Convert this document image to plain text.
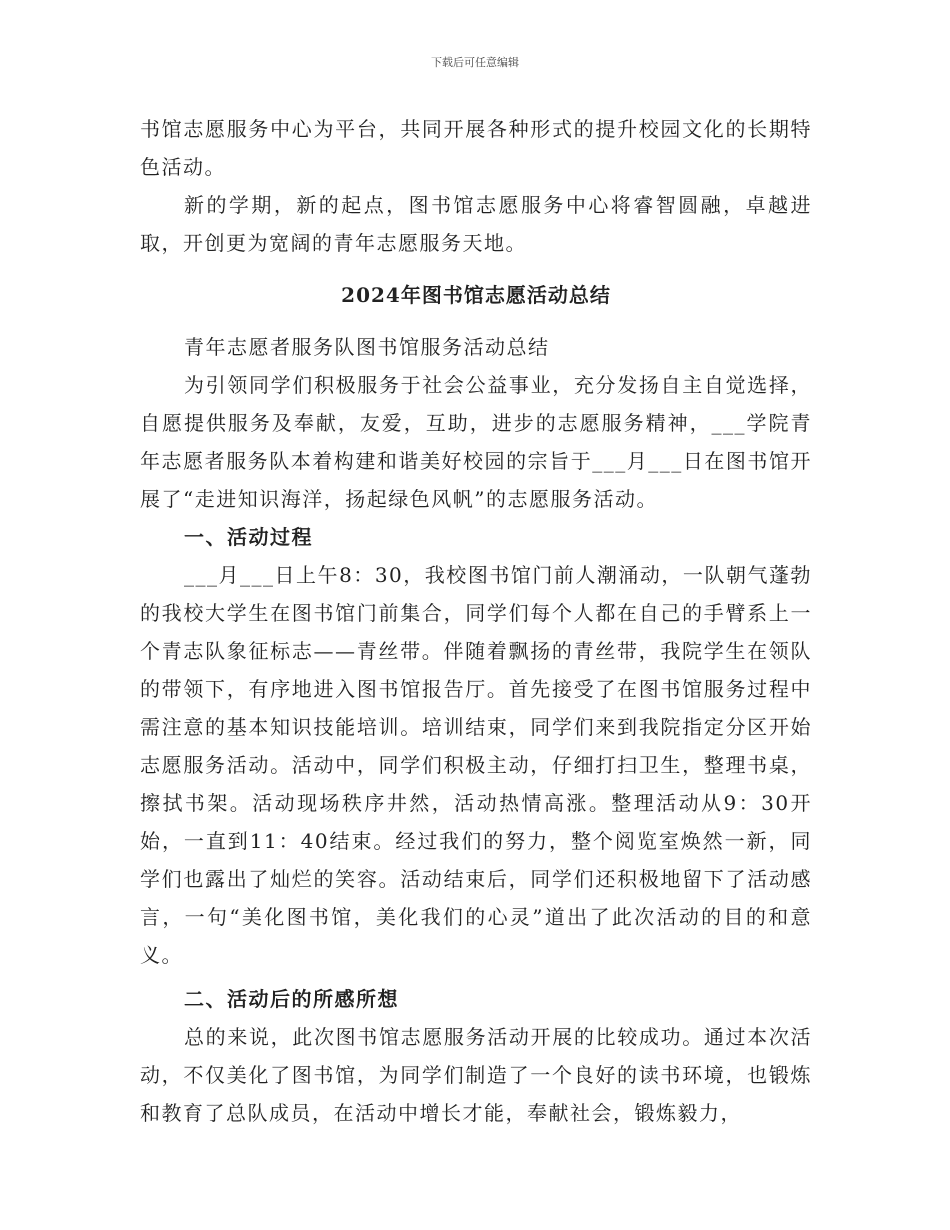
下载后可任意编辑

书馆志愿服务中心为平台，共同开展各种形式的提升校园文化的长期特色活动。

新的学期，新的起点，图书馆志愿服务中心将睿智圆融，卓越进取，开创更为宽阔的青年志愿服务天地。

2024年图书馆志愿活动总结

青年志愿者服务队图书馆服务活动总结

为引领同学们积极服务于社会公益事业，充分发扬自主自觉选择，自愿提供服务及奉献，友爱，互助，进步的志愿服务精神，___学院青年志愿者服务队本着构建和谐美好校园的宗旨于___月___日在图书馆开展了“走进知识海洋，扬起绿色风帆”的志愿服务活动。

一、活动过程

___月___日上午8：30，我校图书馆门前人潮涌动，一队朝气蓬勃的我校大学生在图书馆门前集合，同学们每个人都在自己的手臂系上一个青志队象征标志——青丝带。伴随着飘扬的青丝带，我院学生在领队的带领下，有序地进入图书馆报告厅。首先接受了在图书馆服务过程中需注意的基本知识技能培训。培训结束，同学们来到我院指定分区开始志愿服务活动。活动中，同学们积极主动，仔细打扫卫生，整理书桌，擦拭书架。活动现场秩序井然，活动热情高涨。整理活动从9：30开始，一直到11：40结束。经过我们的努力，整个阅览室焕然一新，同学们也露出了灿烂的笑容。活动结束后，同学们还积极地留下了活动感言，一句“美化图书馆，美化我们的心灵”道出了此次活动的目的和意义。

二、活动后的所感所想

总的来说，此次图书馆志愿服务活动开展的比较成功。通过本次活动，不仅美化了图书馆，为同学们制造了一个良好的读书环境，也锻炼和教育了总队成员，在活动中增长才能，奉献社会，锻炼毅力，
